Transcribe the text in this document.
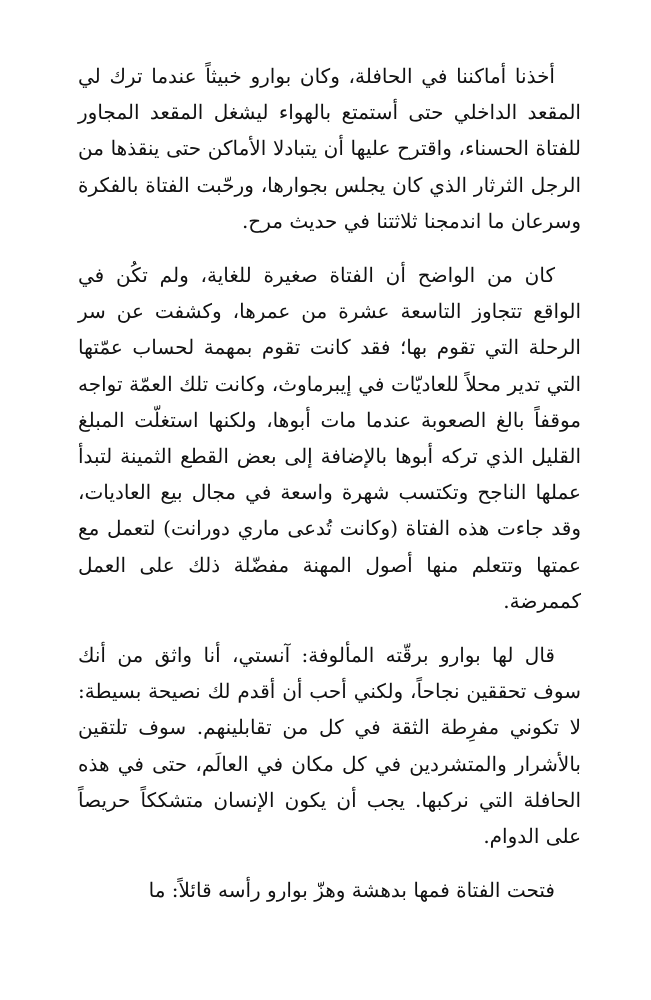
أخذنا أماكننا في الحافلة، وكان بوارو خبيثاً عندما ترك لي المقعد الداخلي حتى أستمتع بالهواء ليشغل المقعد المجاور للفتاة الحسناء، واقترح عليها أن يتبادلا الأماكن حتى ينقذها من الرجل الثرثار الذي كان يجلس بجوارها، ورحّبت الفتاة بالفكرة وسرعان ما اندمجنا ثلاثتنا في حديث مرح.

كان من الواضح أن الفتاة صغيرة للغاية، ولم تكُن في الواقع تتجاوز التاسعة عشرة من عمرها، وكشفت عن سر الرحلة التي تقوم بها؛ فقد كانت تقوم بمهمة لحساب عمّتها التي تدير محلاً للعاديّات في إيبرماوث، وكانت تلك العمّة تواجه موقفاً بالغ الصعوبة عندما مات أبوها، ولكنها استغلّت المبلغ القليل الذي تركه أبوها بالإضافة إلى بعض القطع الثمينة لتبدأ عملها الناجح وتكتسب شهرة واسعة في مجال بيع العاديات، وقد جاءت هذه الفتاة (وكانت تُدعى ماري دورانت) لتعمل مع عمتها وتتعلم منها أصول المهنة مفضّلة ذلك على العمل كممرضة.

قال لها بوارو برقّته المألوفة: آنستي، أنا واثق من أنك سوف تحققين نجاحاً، ولكني أحب أن أقدم لك نصيحة بسيطة: لا تكوني مفرِطة الثقة في كل من تقابلينهم. سوف تلتقين بالأشرار والمتشردين في كل مكان في العالَم، حتى في هذه الحافلة التي نركبها. يجب أن يكون الإنسان متشككاً حريصاً على الدوام.

فتحت الفتاة فمها بدهشة وهزّ بوارو رأسه قائلاً: ما
